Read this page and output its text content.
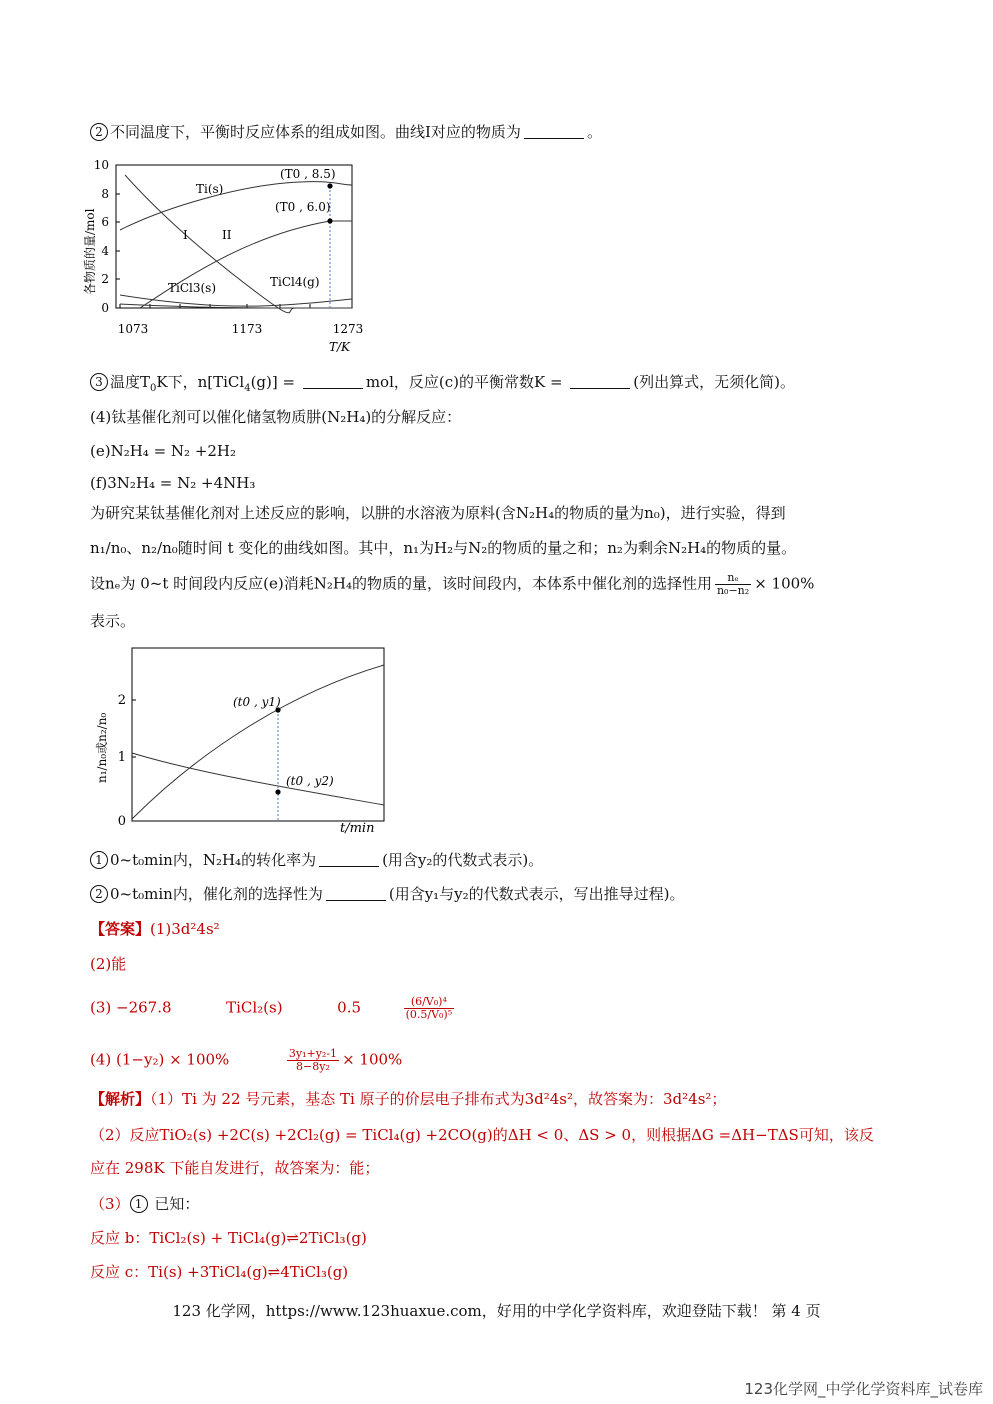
2 不同温度下，平衡时反应体系的组成如图。曲线I对应的物质为	。
0
2
4
6
8
10
1073	1173	1273
T/K
各物质的量/mol
Ti(s)
I	II
TiCl3(s)	TiCl4(g)
(T0 , 8.5)
(T0 , 6.0)
3 温度$T_0K$下，n[TiCl$_4$(g)] =	mol，反应(c)的平衡常数K =	(列出算式，无须化简)。
(4)钛基催化剂可以催化储氢物质肼(N₂H₄)的分解反应：
(e)N₂H₄ = N₂ +2H₂
(f)3N₂H₄ = N₂ +4NH₃
为研究某钛基催化剂对上述反应的影响，以肼的水溶液为原料(含N₂H₄的物质的量为n₀)，进行实验，得到
n₁/n₀、n₂/n₀随时间 t 变化的曲线如图。其中，n₁为H₂与N₂的物质的量之和；n₂为剩余N₂H₄的物质的量。
设nₑ为 0~t 时间段内反应(e)消耗N₂H₄的物质的量，该时间段内，本体系中催化剂的选择性用 $\frac{\text{nₑ}}{\text{n₀−n₂}} \times 100\%$
表示。
0
1
2
n₁/n₀或n₂/n₀
t/min
(t0 , y1)
(t0 , y2)
1 0~t₀min内，N₂H₄的转化率为	(用含y₂的代数式表示)。
2 0~t₀min内，催化剂的选择性为	(用含y₁与y₂的代数式表示，写出推导过程)。
【答案】(1)3d²4s²
(2)能
(3) −267.8	TiCl₂(s)	0.5	$\frac{\text{(6/V₀)⁴}}{\text{(0.5/V₀)⁵}}$
(4) (1−y₂) × 100%	$\frac{\text{3y₁+y₂-1}}{\text{8−8y₂}} \times 100\%$
【解析】（1）Ti 为 22 号元素，基态 Ti 原子的价层电子排布式为3d²4s²，故答案为：3d²4s²；
（2）反应TiO₂(s) +2C(s) +2Cl₂(g) = TiCl₄(g) +2CO(g)的ΔH < 0、ΔS > 0，则根据ΔG =ΔH−TΔS可知，该反
应在 298K 下能自发进行，故答案为：能；
（3） 1 已知：
反应 b：TiCl₂(s) + TiCl₄(g)⇌2TiCl₃(g)
反应 c：Ti(s) +3TiCl₄(g)⇌4TiCl₃(g)
123 化学网，https://www.123huaxue.com，好用的中学化学资料库，欢迎登陆下载！ 第 4 页
123化学网_中学化学资料库_试卷库
